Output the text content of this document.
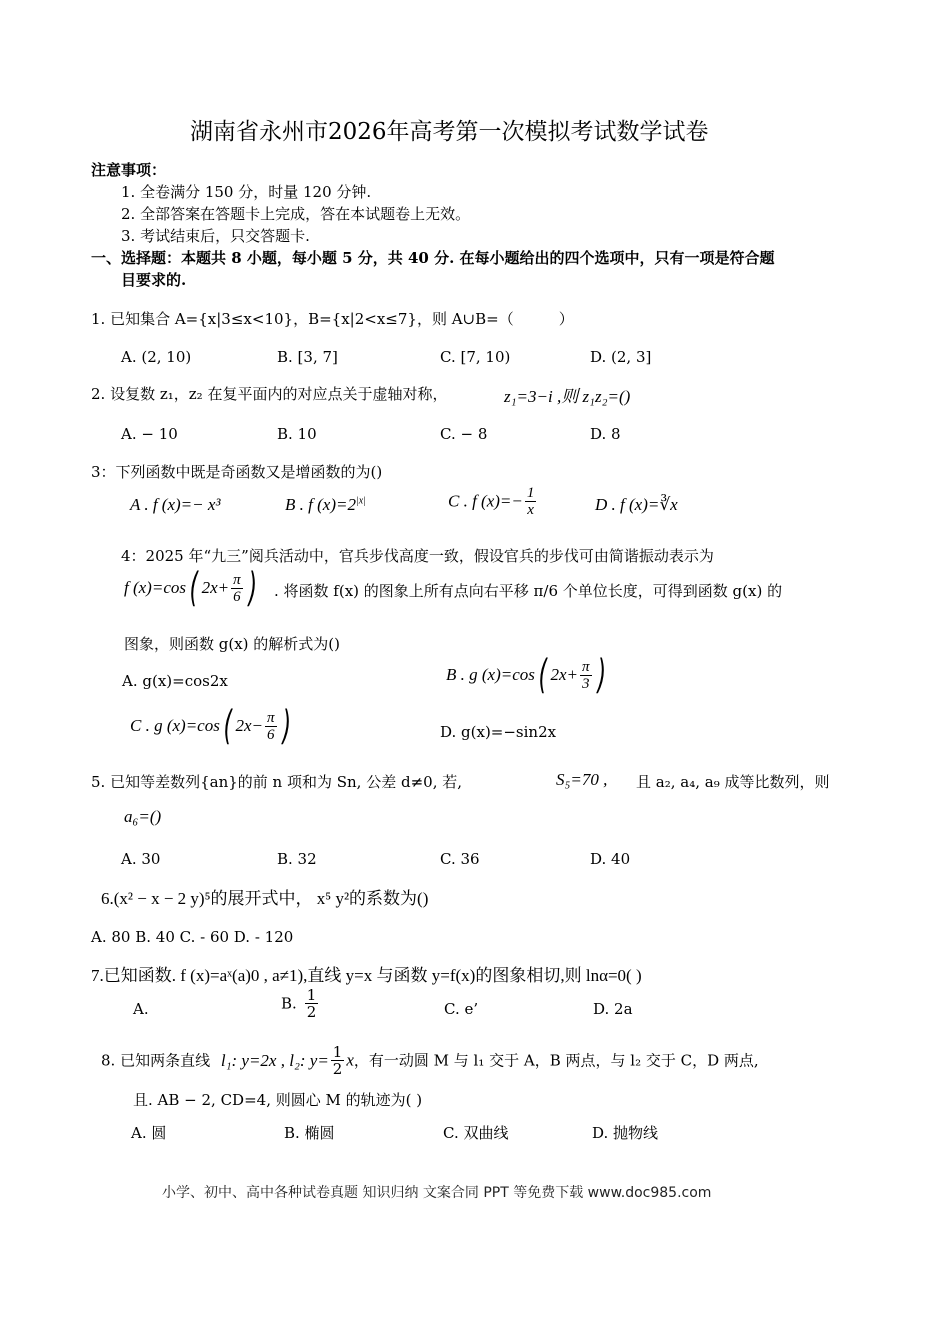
湖南省永州市2026年高考第一次模拟考试数学试卷
注意事项：
1. 全卷满分 150 分，时量 120 分钟.
2. 全部答案在答题卡上完成，答在本试题卷上无效。
3. 考试结束后，只交答题卡.
一、选择题：本题共 8 小题，每小题 5 分，共 40 分. 在每小题给出的四个选项中，只有一项是符合题
目要求的.
1. 已知集合 A={x|3≤x<10}，B={x|2<x≤7}，则 A∪B=（　　　）
A. (2, 10)	B. [3, 7]	C. [7, 10)	D. (2, 3]
2. 设复数 z₁，z₂ 在复平面内的对应点关于虚轴对称，	z₁=3−i ,则 z₁z₂=()
A. − 10	B. 10	C. − 8	D. 8
3：下列函数中既是奇函数又是增函数的为()
A . f (x)=− x³	B . f $(x)=2^{|x|}$	C . f $(x)=- \frac{1}{x}$	D . f (x)=∛x
4：2025 年“九三”阅兵活动中，官兵步伐高度一致，假设官兵的步伐可由简谐振动表示为
f (x)=cos( $2x+ \frac{\pi}{6}$ ) . 将函数 f(x) 的图象上所有点向右平移 π/6 个单位长度，可得到函数 g(x) 的
图象，则函数 g(x) 的解析式为()
A. g(x)=cos2x	B . g (x)=cos( $2x+ \frac{\pi}{3}$ )
C . g (x)=cos( $2x- \frac{\pi}{6}$ )	D. g(x)=−sin2x
5. 已知等差数列{an}的前 n 项和为 Sn, 公差 d≠0, 若,	S₅=70 , 且 a₂, a₄, a₉ 成等比数列，则
a₆=()
A. 30	B. 32	C. 36	D. 40
6.(x² − x − 2 y)⁵的展开式中， x⁵ y²的系数为()
A. 80 B. 40 C. - 60 D. - 120
7.已知函数. f (x)=aˣ(a)0 , a≠1),直线 y=x 与函数 y=f(x)的图象相切,则 lnα=0( )
A.	B. $\frac{1}{2}$	C. e’	D. 2a
8. 已知两条直线 l₁: y=2x , l₂: $y= \frac{1}{2}$ x，有一动圆 M 与 l₁ 交于 A，B 两点，与 l₂ 交于 C，D 两点,
且. AB − 2, CD=4, 则圆心 M 的轨迹为( )
A. 圆	B. 椭圆	C. 双曲线	D. 抛物线
小学、初中、高中各种试卷真题 知识归纳 文案合同 PPT 等免费下载 www.doc985.com
